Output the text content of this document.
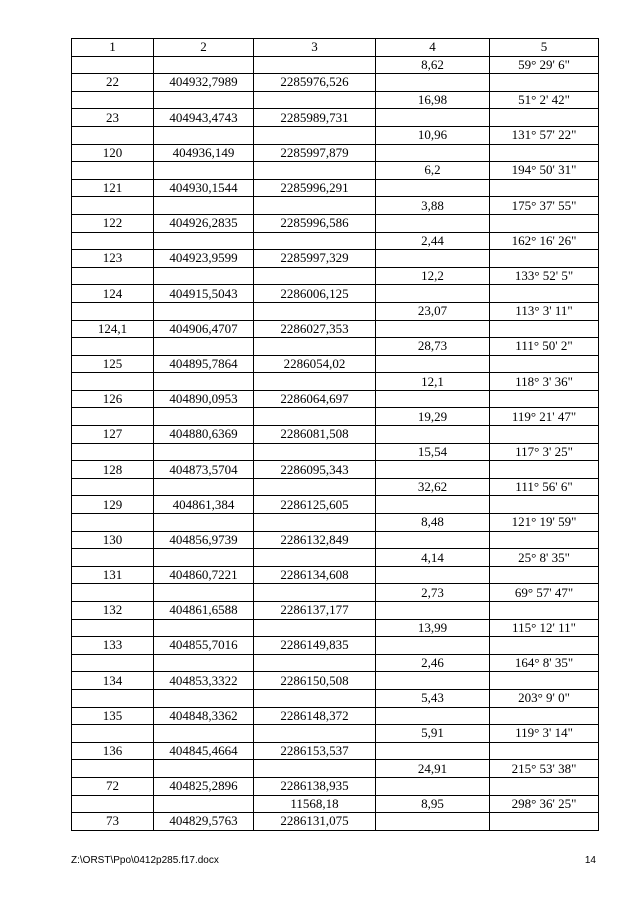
1	2	3	4	5
			8,62	59° 29' 6"
22	404932,7989	2285976,526		
			16,98	51° 2' 42"
23	404943,4743	2285989,731		
			10,96	131° 57' 22"
120	404936,149	2285997,879		
			6,2	194° 50' 31"
121	404930,1544	2285996,291		
			3,88	175° 37' 55"
122	404926,2835	2285996,586		
			2,44	162° 16' 26"
123	404923,9599	2285997,329		
			12,2	133° 52' 5"
124	404915,5043	2286006,125		
			23,07	113° 3' 11"
124,1	404906,4707	2286027,353		
			28,73	111° 50' 2"
125	404895,7864	2286054,02		
			12,1	118° 3' 36"
126	404890,0953	2286064,697		
			19,29	119° 21' 47"
127	404880,6369	2286081,508		
			15,54	117° 3' 25"
128	404873,5704	2286095,343		
			32,62	111° 56' 6"
129	404861,384	2286125,605		
			8,48	121° 19' 59"
130	404856,9739	2286132,849		
			4,14	25° 8' 35"
131	404860,7221	2286134,608		
			2,73	69° 57' 47"
132	404861,6588	2286137,177		
			13,99	115° 12' 11"
133	404855,7016	2286149,835		
			2,46	164° 8' 35"
134	404853,3322	2286150,508		
			5,43	203° 9' 0"
135	404848,3362	2286148,372		
			5,91	119° 3' 14"
136	404845,4664	2286153,537		
			24,91	215° 53' 38"
72	404825,2896	2286138,935		
		11568,18	8,95	298° 36' 25"
73	404829,5763	2286131,075		
Z:\ORST\Ppo\0412p285.f17.docx	14
